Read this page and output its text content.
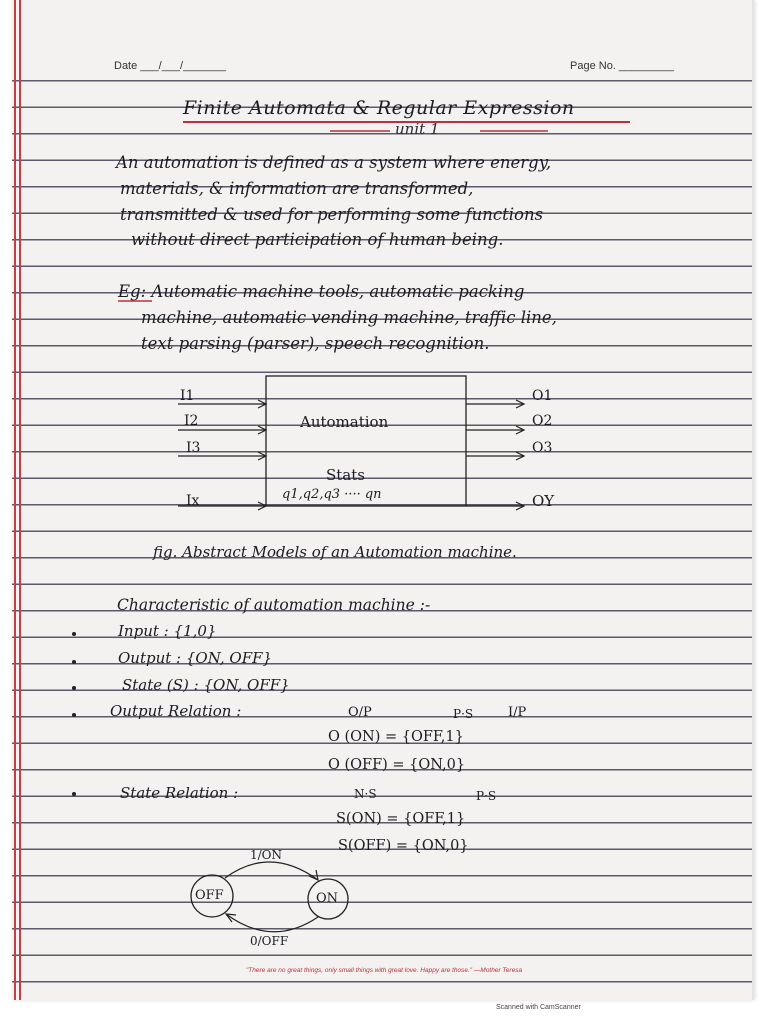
Date ___/___/_______	Page No. _________
Finite Automata & Regular Expression
unit 1
An automation is defined as a system where energy,
materials, & information are transformed,
transmitted & used for performing some functions
without direct participation of human being.
Eg: Automatic machine tools, automatic packing
machine, automatic vending machine, traffic line,
text parsing (parser), speech recognition.
I1
I2
I3
Ix
O1
O2
O3
OY
Automation
Stats
q1,q2,q3 ···· qn
fig. Abstract Models of an Automation machine.
Characteristic of automation machine :-
Input : {1,0}
Output : {ON, OFF}
State (S) : {ON, OFF}
Output Relation :	O/P	P·S	I/P
O (ON) = {OFF,1}
O (OFF) = {ON,0}
State Relation :	N·S	P·S
S(ON) = {OFF,1}
S(OFF) = {ON,0}
1/ON
OFF	ON
0/OFF
"There are no great things, only small things with great love. Happy are those." —Mother Teresa
Scanned with CamScanner
